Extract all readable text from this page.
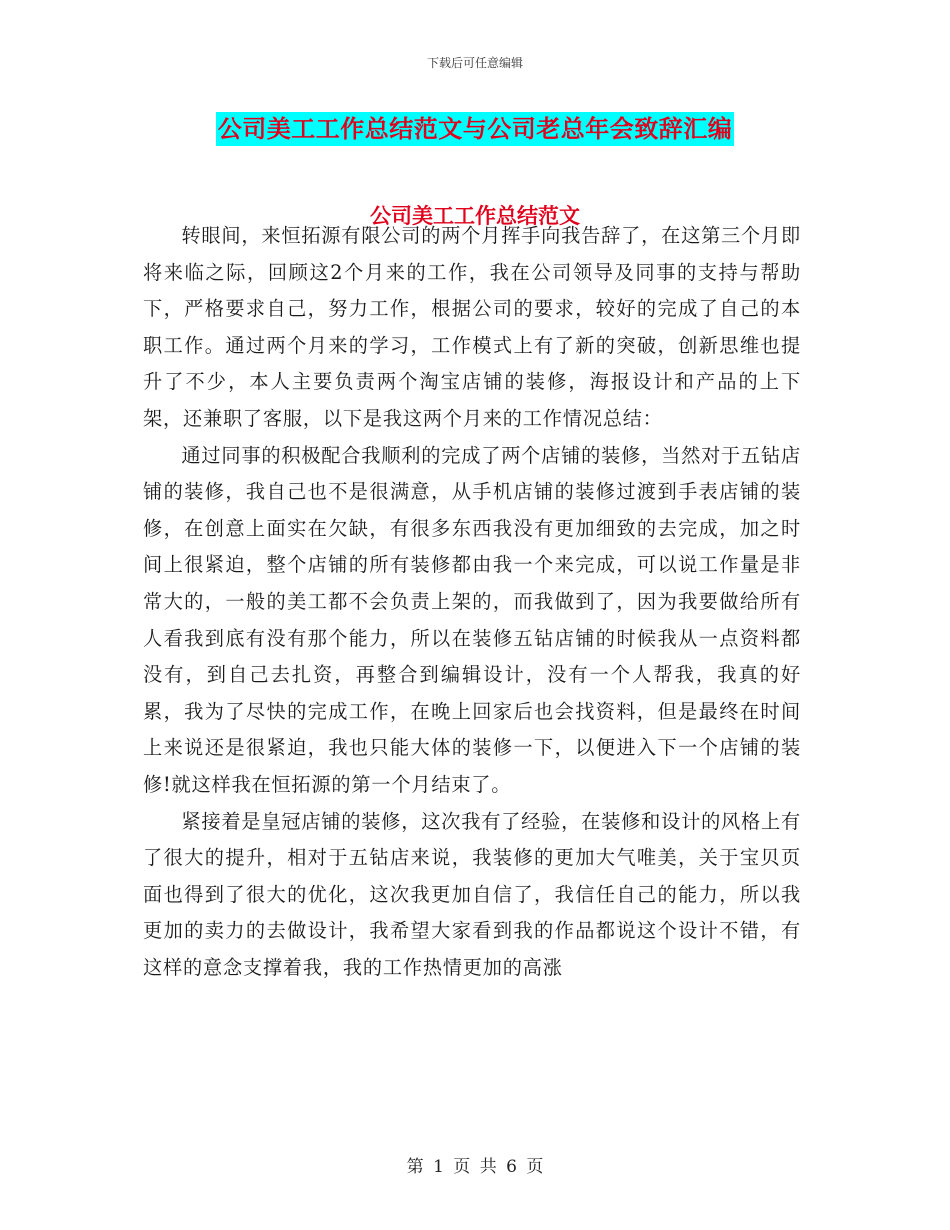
下载后可任意编辑
公司美工工作总结范文与公司老总年会致辞汇编
公司美工工作总结范文

转眼间，来恒拓源有限公司的两个月挥手向我告辞了，在这第三个月即将来临之际，回顾这2个月来的工作，我在公司领导及同事的支持与帮助下，严格要求自己，努力工作，根据公司的要求，较好的完成了自己的本职工作。通过两个月来的学习，工作模式上有了新的突破，创新思维也提升了不少，本人主要负责两个淘宝店铺的装修，海报设计和产品的上下架，还兼职了客服，以下是我这两个月来的工作情况总结：

通过同事的积极配合我顺利的完成了两个店铺的装修，当然对于五钻店铺的装修，我自己也不是很满意，从手机店铺的装修过渡到手表店铺的装修，在创意上面实在欠缺，有很多东西我没有更加细致的去完成，加之时间上很紧迫，整个店铺的所有装修都由我一个来完成，可以说工作量是非常大的，一般的美工都不会负责上架的，而我做到了，因为我要做给所有人看我到底有没有那个能力，所以在装修五钻店铺的时候我从一点资料都没有，到自己去扎资，再整合到编辑设计，没有一个人帮我，我真的好累，我为了尽快的完成工作，在晚上回家后也会找资料，但是最终在时间上来说还是很紧迫，我也只能大体的装修一下，以便进入下一个店铺的装修!就这样我在恒拓源的第一个月结束了。

紧接着是皇冠店铺的装修，这次我有了经验，在装修和设计的风格上有了很大的提升，相对于五钻店来说，我装修的更加大气唯美，关于宝贝页面也得到了很大的优化，这次我更加自信了，我信任自己的能力，所以我更加的卖力的去做设计，我希望大家看到我的作品都说这个设计不错，有这样的意念支撑着我，我的工作热情更加的高涨

第 1 页 共 6 页
